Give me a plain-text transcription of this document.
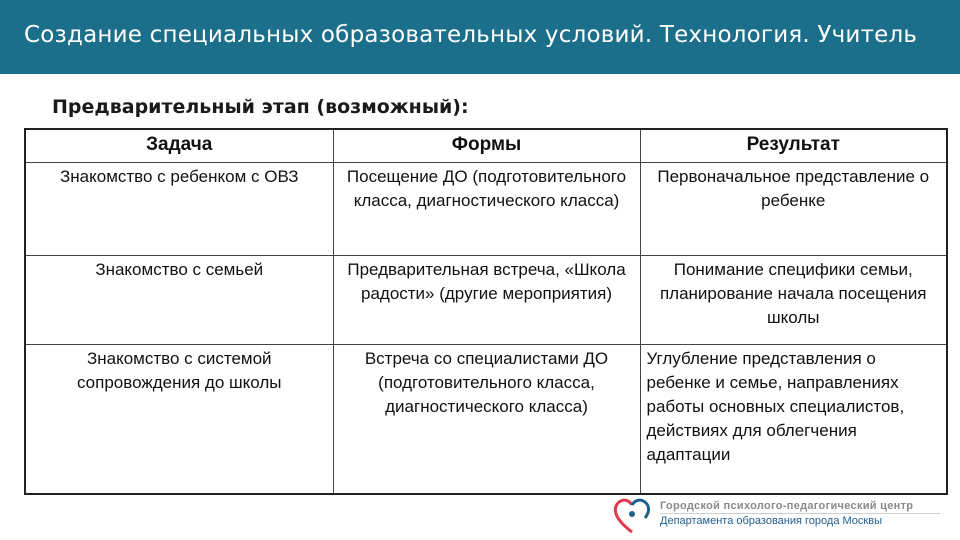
Создание специальных образовательных условий. Технология. Учитель
Предварительный этап (возможный):
Задача	Формы	Результат
Знакомство с ребенком с ОВЗ	Посещение ДО (подготовительного класса, диагностического класса)	Первоначальное представление о ребенке
Знакомство с семьей	Предварительная встреча, «Школа радости» (другие мероприятия)	Понимание специфики семьи, планирование начала посещения школы
Знакомство с системой сопровождения до школы	Встреча со специалистами ДО (подготовительного класса, диагностического класса)	Углубление представления о ребенке и семье, направлениях работы основных специалистов, действиях для облегчения адаптации
Городской психолого-педагогический центр
Департамента образования города Москвы
